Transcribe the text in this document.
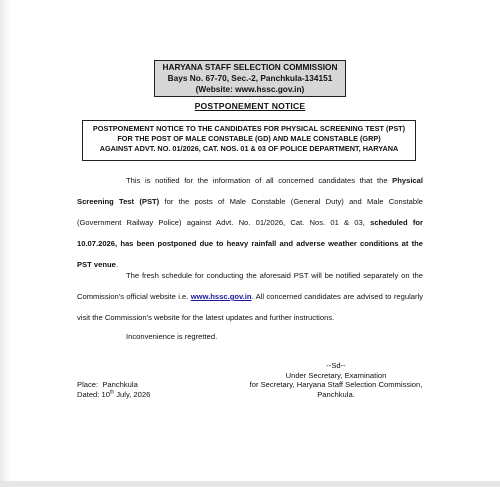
HARYANA STAFF SELECTION COMMISSION
Bays No. 67-70, Sec.-2, Panchkula-134151
(Website: www.hssc.gov.in)
POSTPONEMENT NOTICE
POSTPONEMENT NOTICE TO THE CANDIDATES FOR PHYSICAL SCREENING TEST (PST)
FOR THE POST OF MALE CONSTABLE (GD) AND MALE CONSTABLE (GRP)
AGAINST ADVT. NO. 01/2026, CAT. NOS. 01 & 03 OF POLICE DEPARTMENT, HARYANA
This is notified for the information of all concerned candidates that the Physical Screening Test (PST) for the posts of Male Constable (General Duty) and Male Constable (Government Railway Police) against Advt. No. 01/2026, Cat. Nos. 01 & 03, scheduled for 10.07.2026, has been postponed due to heavy rainfall and adverse weather conditions at the PST venue.
The fresh schedule for conducting the aforesaid PST will be notified separately on the Commission's official website i.e. www.hssc.gov.in. All concerned candidates are advised to regularly visit the Commission's website for the latest updates and further instructions.
Inconvenience is regretted.
--Sd--
Under Secretary, Examination
for Secretary, Haryana Staff Selection Commission,
Panchkula.
Place: Panchkula
Dated: 10th July, 2026
